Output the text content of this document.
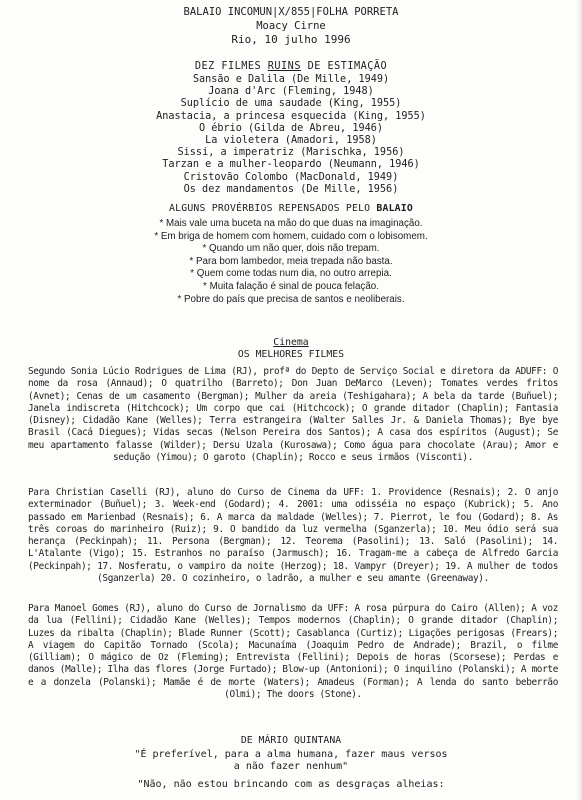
BALAIO INCOMUN|X/855|FOLHA PORRETA
Moacy Cirne
Rio, 10 julho 1996
DEZ FILMES RUINS DE ESTIMAÇÃO
Sansão e Dalila (De Mille, 1949)
Joana d'Arc (Fleming, 1948)
Suplício de uma saudade (King, 1955)
Anastacia, a princesa esquecida (King, 1955)
O ébrio (Gilda de Abreu, 1946)
La violetera (Amadori, 1958)
Sissi, a imperatriz (Marischka, 1956)
Tarzan e a mulher-leopardo (Neumann, 1946)
Cristovão Colombo (MacDonald, 1949)
Os dez mandamentos (De Mille, 1956)
ALGUNS PROVÉRBIOS REPENSADOS PELO BALAIO
* Mais vale uma buceta na mão do que duas na imaginação.
* Em briga de homem com homem, cuidado com o lobisomem.
* Quando um não quer, dois não trepam.
* Para bom lambedor, meia trepada não basta.
* Quem come todas num dia, no outro arrepia.
* Muita falação é sinal de pouca felação.
* Pobre do país que precisa de santos e neoliberais.
Cinema
OS MELHORES FILMES
Segundo Sonia Lúcio Rodrigues de Lima (RJ), profª do Depto de Serviço Social e diretora da ADUFF: O nome da rosa (Annaud); O quatrilho (Barreto); Don Juan DeMarco (Leven); Tomates verdes fritos (Avnet); Cenas de um casamento (Bergman); Mulher da areia (Teshigahara); A bela da tarde (Buñuel); Janela indiscreta (Hitchcock); Um corpo que cai (Hitchcock); O grande ditador (Chaplin); Fantasia (Disney); Cidadão Kane (Welles); Terra estrangeira (Walter Salles Jr. & Daniela Thomas); Bye bye Brasil (Cacá Diegues); Vidas secas (Nelson Pereira dos Santos); A casa dos espíritos (August); Se meu apartamento falasse (Wilder); Dersu Uzala (Kurosawa); Como água para chocolate (Arau); Amor e sedução (Yimou); O garoto (Chaplin); Rocco e seus irmãos (Visconti).
Para Christian Caselli (RJ), aluno do Curso de Cinema da UFF: 1. Providence (Resnais); 2. O anjo exterminador (Buñuel); 3. Week-end (Godard); 4. 2001: uma odisséia no espaço (Kubrick); 5. Ano passado em Marienbad (Resnais); 6. A marca da maldade (Welles); 7. Pierrot, le fou (Godard); 8. As três coroas do marinheiro (Ruiz); 9. O bandido da luz vermelha (Sganzerla); 10. Meu ódio será sua herança (Peckinpah); 11. Persona (Bergman); 12. Teorema (Pasolini); 13. Saló (Pasolini); 14. L'Atalante (Vigo); 15. Estranhos no paraíso (Jarmusch); 16. Tragam-me a cabeça de Alfredo Garcia (Peckinpah); 17. Nosferatu, o vampiro da noite (Herzog); 18. Vampyr (Dreyer); 19. A mulher de todos (Sganzerla) 20. O cozinheiro, o ladrão, a mulher e seu amante (Greenaway).
Para Manoel Gomes (RJ), aluno do Curso de Jornalismo da UFF: A rosa púrpura do Cairo (Allen); A voz da lua (Fellini); Cidadão Kane (Welles); Tempos modernos (Chaplin); O grande ditador (Chaplin); Luzes da ribalta (Chaplin); Blade Runner (Scott); Casablanca (Curtiz); Ligações perigosas (Frears); A viagem do Capitão Tornado (Scola); Macunaíma (Joaquim Pedro de Andrade); Brazil, o filme (Gilliam); O mágico de Oz (Fleming); Entrevista (Fellini); Depois de horas (Scorsese); Perdas e danos (Malle); Ilha das flores (Jorge Furtado); Blow-up (Antonioni); O inquilino (Polanski); A morte e a donzela (Polanski); Mamãe é de morte (Waters); Amadeus (Forman); A lenda do santo beberrão (Olmi); The doors (Stone).
DE MÁRIO QUINTANA
"É preferível, para a alma humana, fazer maus versos
a não fazer nenhum"
"Não, não estou brincando com as desgraças alheias:
